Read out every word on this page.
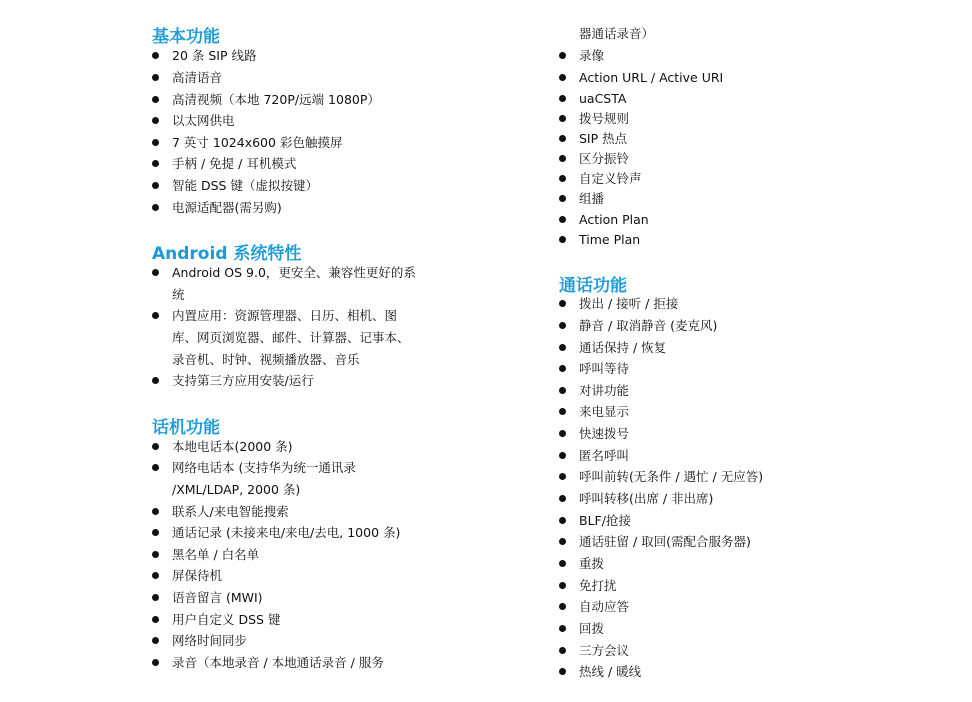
基本功能
20 条 SIP 线路
高清语音
高清视频（本地 720P/远端 1080P）
以太网供电
7 英寸 1024x600 彩色触摸屏
手柄 / 免提 / 耳机模式
智能 DSS 键（虚拟按键）
电源适配器(需另购)
Android 系统特性
Android OS 9.0，更安全、兼容性更好的系
统
内置应用：资源管理器、日历、相机、图
库、网页浏览器、邮件、计算器、记事本、
录音机、时钟、视频播放器、音乐
支持第三方应用安装/运行
话机功能
本地电话本(2000 条)
网络电话本 (支持华为统一通讯录
/XML/LDAP, 2000 条)
联系人/来电智能搜索
通话记录 (未接来电/来电/去电, 1000 条)
黑名单 / 白名单
屏保待机
语音留言 (MWI)
用户自定义 DSS 键
网络时间同步
录音（本地录音 / 本地通话录音 / 服务
器通话录音）
录像
Action URL / Active URI
uaCSTA
拨号规则
SIP 热点
区分振铃
自定义铃声
组播
Action Plan
Time Plan
通话功能
拨出 / 接听 / 拒接
静音 / 取消静音 (麦克风)
通话保持 / 恢复
呼叫等待
对讲功能
来电显示
快速拨号
匿名呼叫
呼叫前转(无条件 / 遇忙 / 无应答)
呼叫转移(出席 / 非出席)
BLF/抢接
通话驻留 / 取回(需配合服务器)
重拨
免打扰
自动应答
回拨
三方会议
热线 / 暖线
